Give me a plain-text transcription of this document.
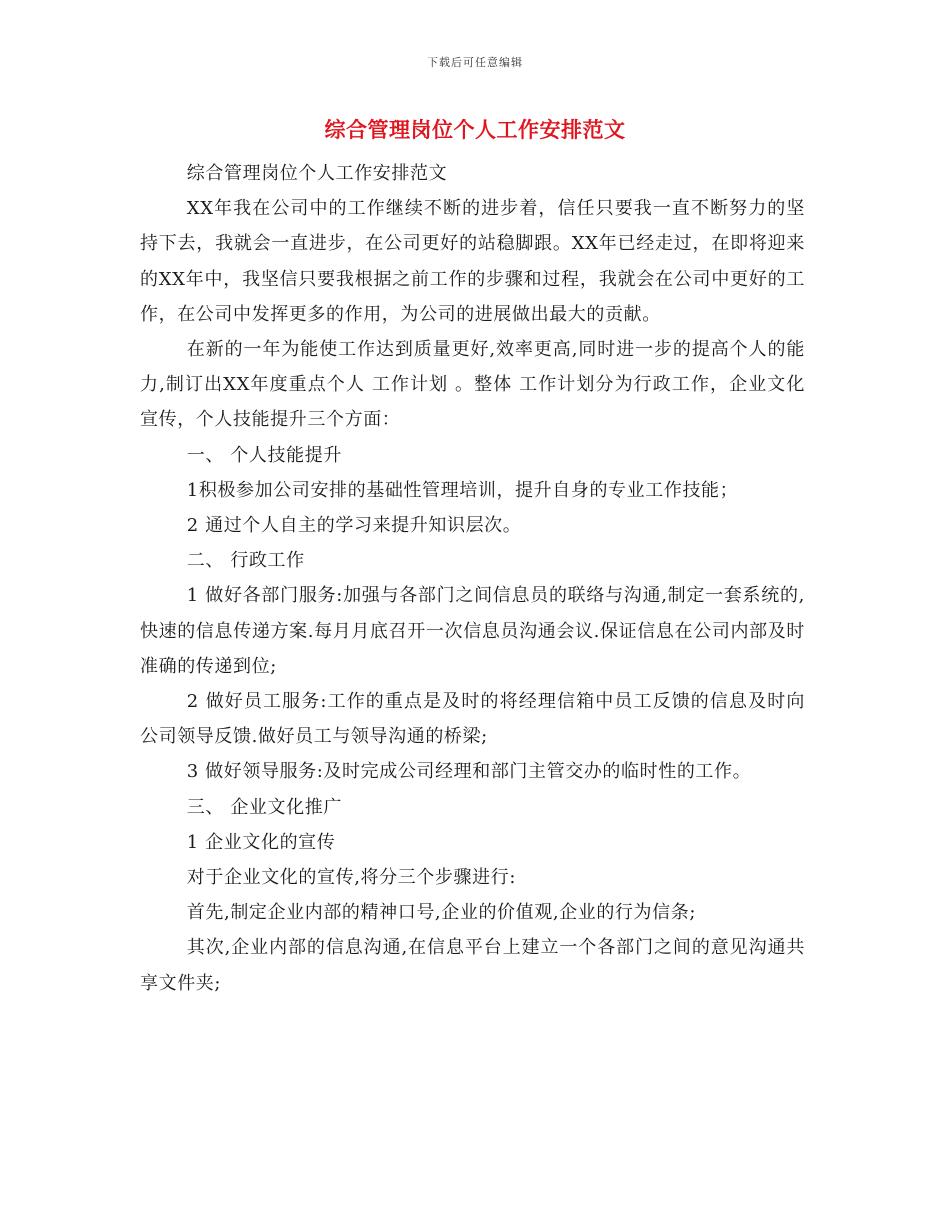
下载后可任意编辑
综合管理岗位个人工作安排范文

综合管理岗位个人工作安排范文

XX年我在公司中的工作继续不断的进步着，信任只要我一直不断努力的坚持下去，我就会一直进步，在公司更好的站稳脚跟。XX年已经走过，在即将迎来的XX年中，我坚信只要我根据之前工作的步骤和过程，我就会在公司中更好的工作，在公司中发挥更多的作用，为公司的进展做出最大的贡献。

在新的一年为能使工作达到质量更好,效率更高,同时进一步的提高个人的能力,制订出XX年度重点个人 工作计划 。整体 工作计划分为行政工作，企业文化宣传，个人技能提升三个方面：

一、 个人技能提升

1积极参加公司安排的基础性管理培训，提升自身的专业工作技能；

2 通过个人自主的学习来提升知识层次。

二、 行政工作

1 做好各部门服务:加强与各部门之间信息员的联络与沟通,制定一套系统的,快速的信息传递方案.每月月底召开一次信息员沟通会议.保证信息在公司内部及时准确的传递到位;

2 做好员工服务:工作的重点是及时的将经理信箱中员工反馈的信息及时向公司领导反馈.做好员工与领导沟通的桥梁;

3 做好领导服务:及时完成公司经理和部门主管交办的临时性的工作。

三、 企业文化推广

1 企业文化的宣传

对于企业文化的宣传,将分三个步骤进行:

首先,制定企业内部的精神口号,企业的价值观,企业的行为信条;

其次,企业内部的信息沟通,在信息平台上建立一个各部门之间的意见沟通共享文件夹;
